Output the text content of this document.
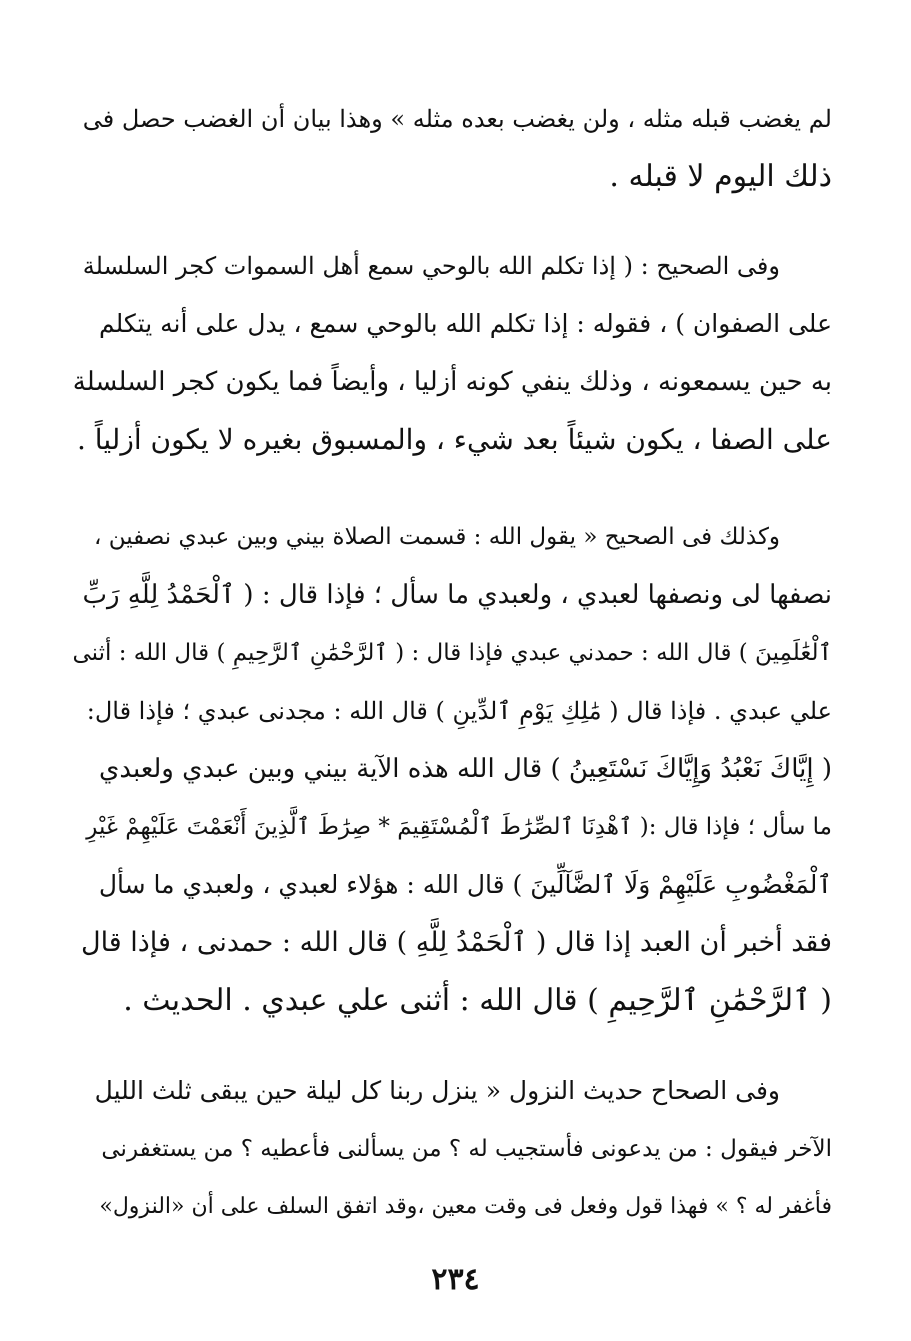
لم يغضب قبله مثله ، ولن يغضب بعده مثله » وهذا بيان أن الغضب حصل فى
ذلك اليوم لا قبله .
وفى الصحيح : ( إذا تكلم الله بالوحي سمع أهل السموات كجر السلسلة
على الصفوان ) ، فقوله : إذا تكلم الله بالوحي سمع ، يدل على أنه يتكلم
به حين يسمعونه ، وذلك ينفي كونه أزليا ، وأيضاً فما يكون كجر السلسلة
على الصفا ، يكون شيئاً بعد شيء ، والمسبوق بغيره لا يكون أزلياً .
وكذلك فى الصحيح « يقول الله : قسمت الصلاة بيني وبين عبدي نصفين ،
نصفها لى ونصفها لعبدي ، ولعبدي ما سأل ؛ فإذا قال : ( ٱلْحَمْدُ لِلَّهِ رَبِّ
ٱلْعَٰلَمِينَ ) قال الله : حمدني عبدي فإذا قال : ( ٱلرَّحْمَٰنِ ٱلرَّحِيمِ ) قال الله : أثنى
علي عبدي . فإذا قال ( مَٰلِكِ يَوْمِ ٱلدِّينِ ) قال الله : مجدنى عبدي ؛ فإذا قال:
( إِيَّاكَ نَعْبُدُ وَإِيَّاكَ نَسْتَعِينُ ) قال الله هذه الآية بيني وبين عبدي ولعبدي
ما سأل ؛ فإذا قال :( ٱهْدِنَا ٱلصِّرَٰطَ ٱلْمُسْتَقِيمَ * صِرَٰطَ ٱلَّذِينَ أَنْعَمْتَ عَلَيْهِمْ غَيْرِ
ٱلْمَغْضُوبِ عَلَيْهِمْ وَلَا ٱلضَّآلِّينَ ) قال الله : هؤلاء لعبدي ، ولعبدي ما سأل
فقد أخبر أن العبد إذا قال ( ٱلْحَمْدُ لِلَّهِ ) قال الله : حمدنى ، فإذا قال
( ٱلرَّحْمَٰنِ ٱلرَّحِيمِ ) قال الله : أثنى علي عبدي . الحديث .
وفى الصحاح حديث النزول « ينزل ربنا كل ليلة حين يبقى ثلث الليل
الآخر فيقول : من يدعونى فأستجيب له ؟ من يسألنى فأعطيه ؟ من يستغفرنى
فأغفر له ؟ » فهذا قول وفعل فى وقت معين ،وقد اتفق السلف على أن «النزول»
٢٣٤
